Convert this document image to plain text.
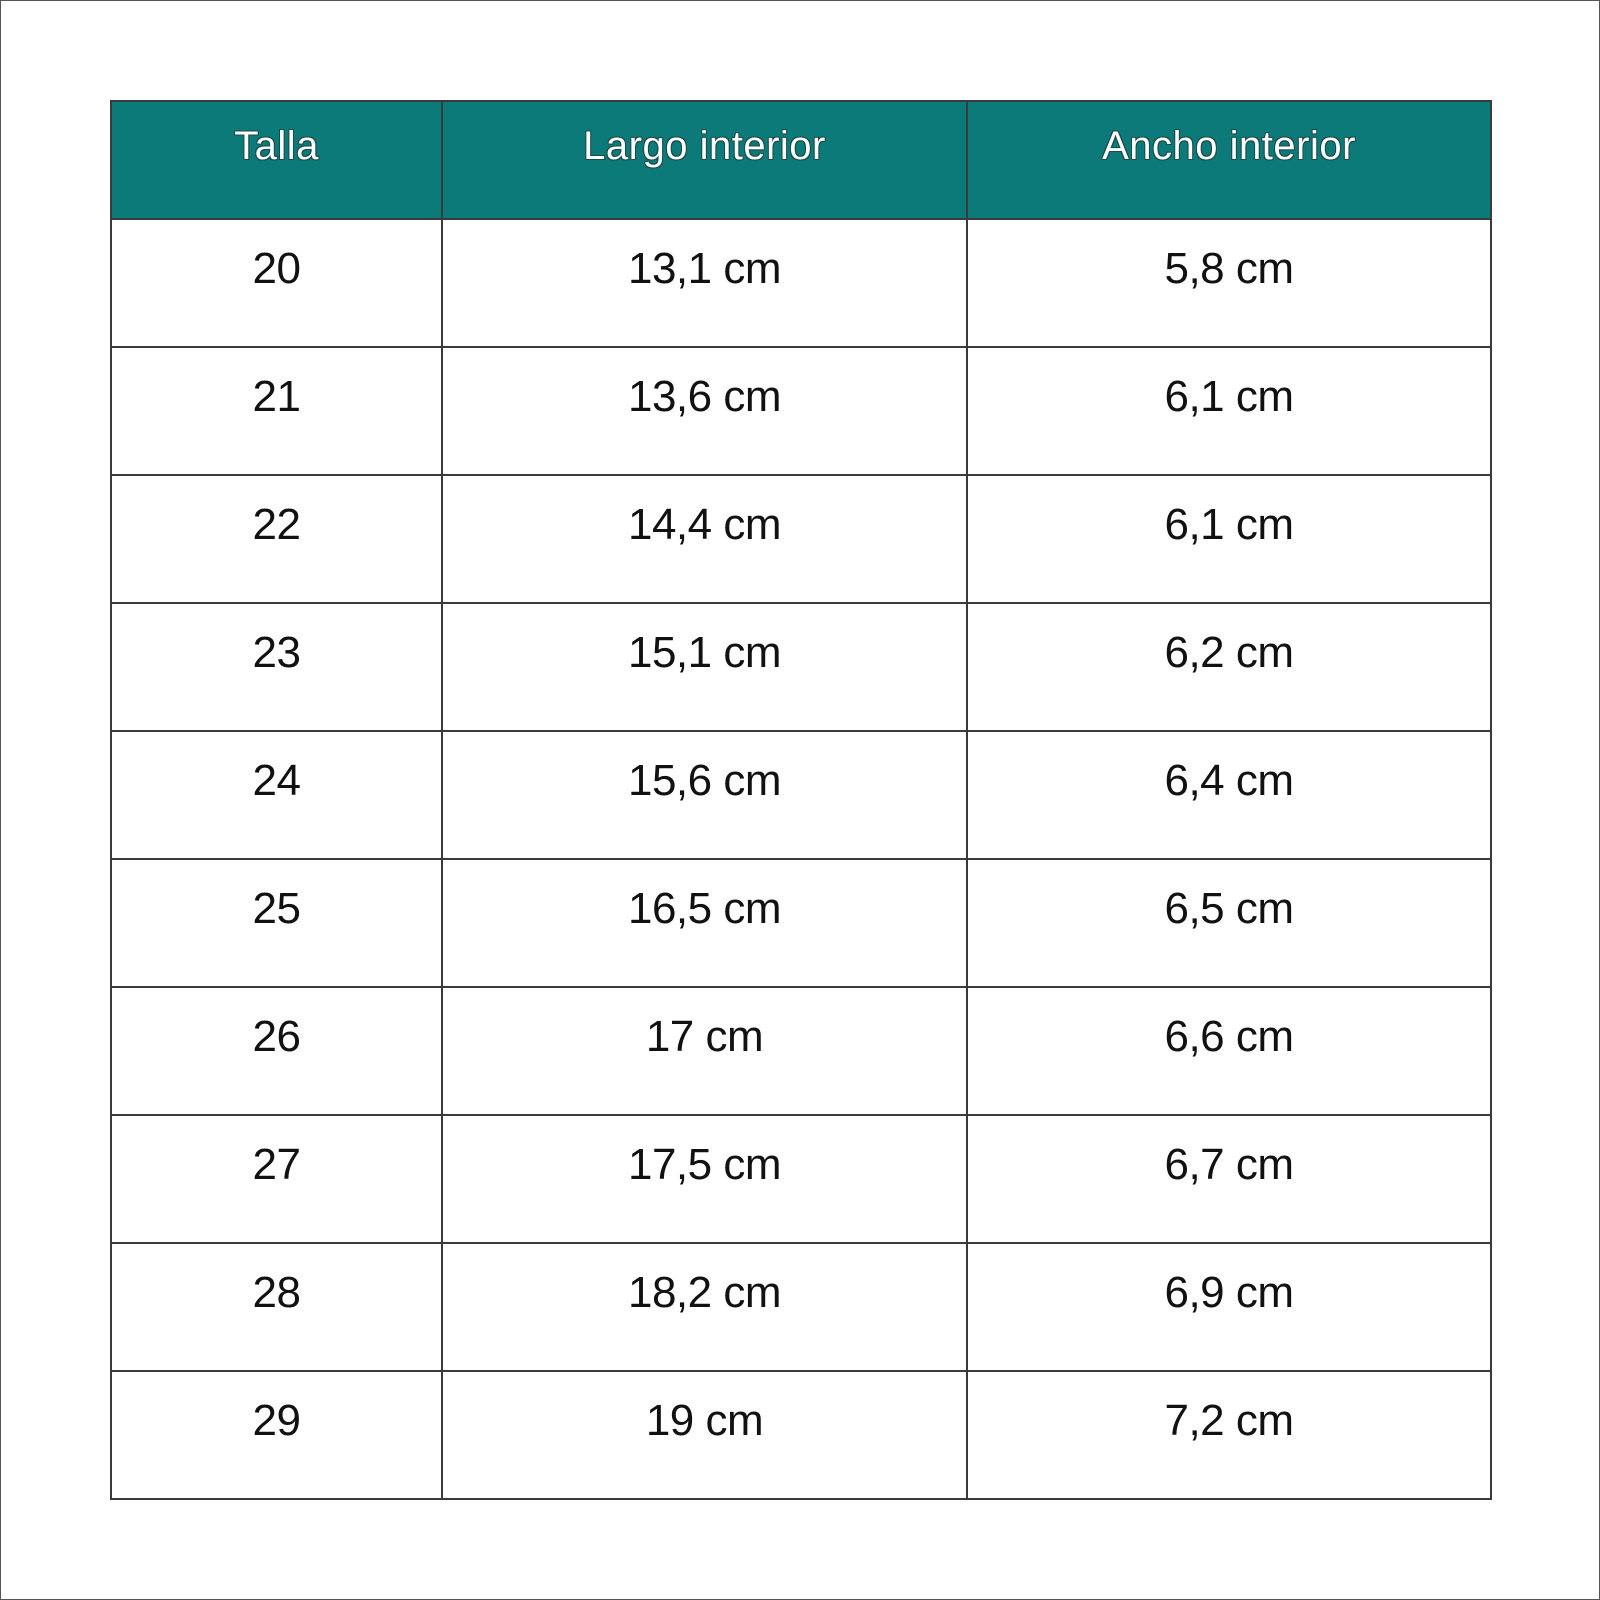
Talla	Largo interior	Ancho interior
20	13,1 cm	5,8 cm
21	13,6 cm	6,1 cm
22	14,4 cm	6,1 cm
23	15,1 cm	6,2 cm
24	15,6 cm	6,4 cm
25	16,5 cm	6,5 cm
26	17 cm	6,6 cm
27	17,5 cm	6,7 cm
28	18,2 cm	6,9 cm
29	19 cm	7,2 cm
